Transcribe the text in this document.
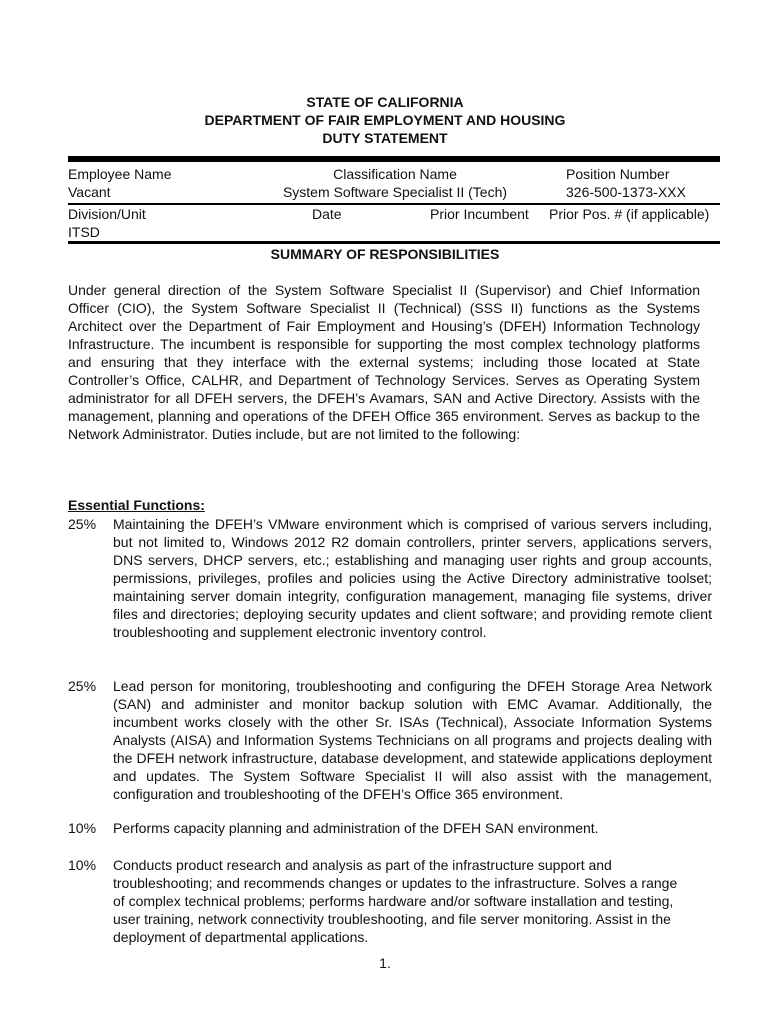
STATE OF CALIFORNIA
DEPARTMENT OF FAIR EMPLOYMENT AND HOUSING
DUTY STATEMENT
Employee Name
Vacant
Classification Name
System Software Specialist II (Tech)
Position Number
326-500-1373-XXX
Division/Unit
ITSD
Date	Prior Incumbent Prior Pos. # (if applicable)
SUMMARY OF RESPONSIBILITIES
Under general direction of the System Software Specialist II (Supervisor) and Chief Information Officer (CIO), the System Software Specialist II (Technical) (SSS II) functions as the Systems Architect over the Department of Fair Employment and Housing’s (DFEH) Information Technology Infrastructure. The incumbent is responsible for supporting the most complex technology platforms and ensuring that they interface with the external systems; including those located at State Controller’s Office, CALHR, and Department of Technology Services. Serves as Operating System administrator for all DFEH servers, the DFEH’s Avamars, SAN and Active Directory. Assists with the management, planning and operations of the DFEH Office 365 environment. Serves as backup to the Network Administrator. Duties include, but are not limited to the following:
Essential Functions:
25% Maintaining the DFEH’s VMware environment which is comprised of various servers including, but not limited to, Windows 2012 R2 domain controllers, printer servers, applications servers, DNS servers, DHCP servers, etc.; establishing and managing user rights and group accounts, permissions, privileges, profiles and policies using the Active Directory administrative toolset; maintaining server domain integrity, configuration management, managing file systems, driver files and directories; deploying security updates and client software; and providing remote client troubleshooting and supplement electronic inventory control.
25% Lead person for monitoring, troubleshooting and configuring the DFEH Storage Area Network (SAN) and administer and monitor backup solution with EMC Avamar. Additionally, the incumbent works closely with the other Sr. ISAs (Technical), Associate Information Systems Analysts (AISA) and Information Systems Technicians on all programs and projects dealing with the DFEH network infrastructure, database development, and statewide applications deployment and updates. The System Software Specialist II will also assist with the management, configuration and troubleshooting of the DFEH’s Office 365 environment.
10% Performs capacity planning and administration of the DFEH SAN environment.
10% Conducts product research and analysis as part of the infrastructure support and troubleshooting; and recommends changes or updates to the infrastructure. Solves a range of complex technical problems; performs hardware and/or software installation and testing, user training, network connectivity troubleshooting, and file server monitoring. Assist in the deployment of departmental applications.
1.
